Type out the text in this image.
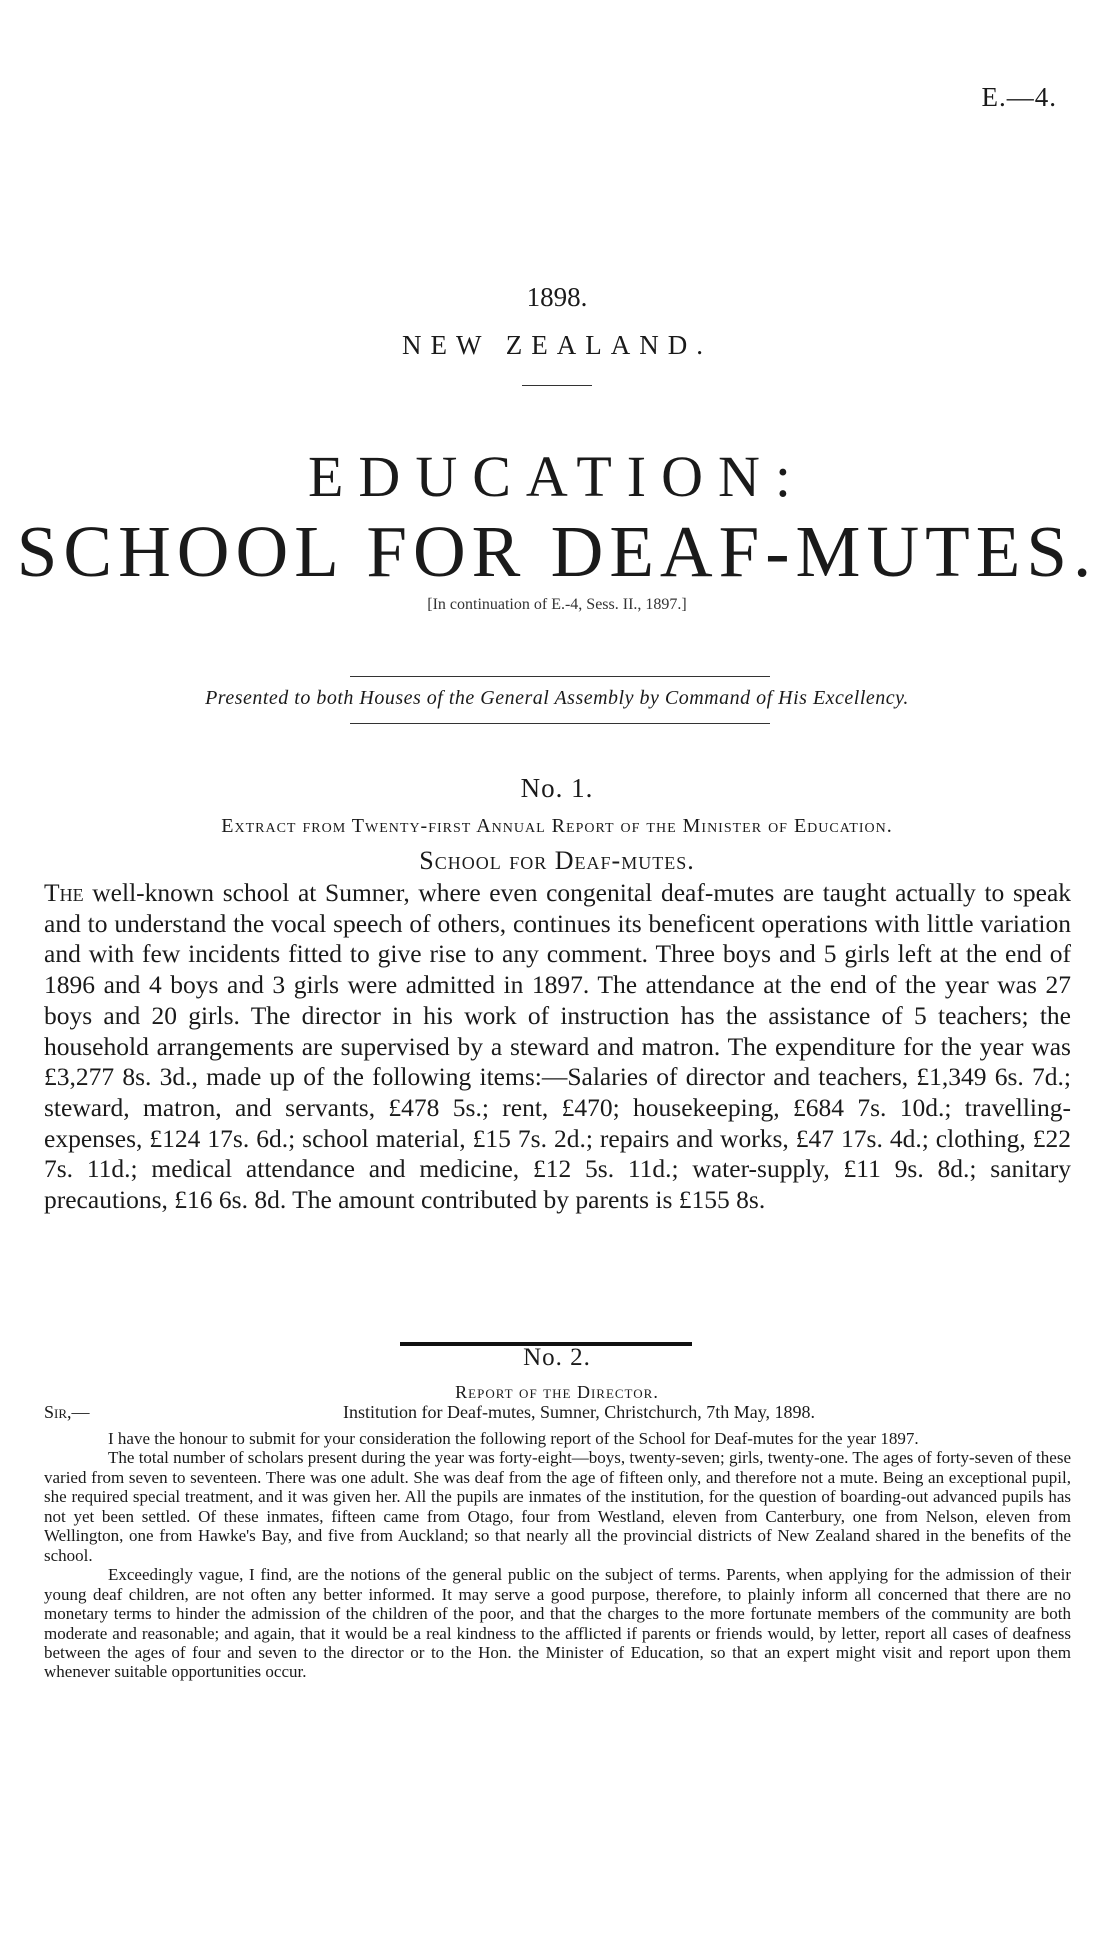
E.—4.
1898.
NEW ZEALAND.
EDUCATION:
SCHOOL FOR DEAF-MUTES.
[In continuation of E.-4, Sess. II., 1897.]
Presented to both Houses of the General Assembly by Command of His Excellency.
No. 1.
Extract from Twenty-first Annual Report of the Minister of Education.
School for Deaf-mutes.

The well-known school at Sumner, where even congenital deaf-mutes are taught actually to speak and to understand the vocal speech of others, continues its beneficent operations with little variation and with few incidents fitted to give rise to any comment. Three boys and 5 girls left at the end of 1896 and 4 boys and 3 girls were admitted in 1897. The attendance at the end of the year was 27 boys and 20 girls. The director in his work of instruction has the assistance of 5 teachers; the household arrangements are supervised by a steward and matron. The expenditure for the year was £3,277 8s. 3d., made up of the following items:—Salaries of director and teachers, £1,349 6s. 7d.; steward, matron, and servants, £478 5s.; rent, £470; housekeeping, £684 7s. 10d.; travelling-expenses, £124 17s. 6d.; school material, £15 7s. 2d.; repairs and works, £47 17s. 4d.; clothing, £22 7s. 11d.; medical attendance and medicine, £12 5s. 11d.; water-supply, £11 9s. 8d.; sanitary precautions, £16 6s. 8d. The amount contributed by parents is £155 8s.

No. 2.
Report of the Director.
Sir,—	Institution for Deaf-mutes, Sumner, Christchurch, 7th May, 1898.

I have the honour to submit for your consideration the following report of the School for Deaf-mutes for the year 1897.

The total number of scholars present during the year was forty-eight—boys, twenty-seven; girls, twenty-one. The ages of forty-seven of these varied from seven to seventeen. There was one adult. She was deaf from the age of fifteen only, and therefore not a mute. Being an exceptional pupil, she required special treatment, and it was given her. All the pupils are inmates of the institution, for the question of boarding-out advanced pupils has not yet been settled. Of these inmates, fifteen came from Otago, four from Westland, eleven from Canterbury, one from Nelson, eleven from Wellington, one from Hawke's Bay, and five from Auckland; so that nearly all the provincial districts of New Zealand shared in the benefits of the school.

Exceedingly vague, I find, are the notions of the general public on the subject of terms. Parents, when applying for the admission of their young deaf children, are not often any better informed. It may serve a good purpose, therefore, to plainly inform all concerned that there are no monetary terms to hinder the admission of the children of the poor, and that the charges to the more fortunate members of the community are both moderate and reasonable; and again, that it would be a real kindness to the afflicted if parents or friends would, by letter, report all cases of deafness between the ages of four and seven to the director or to the Hon. the Minister of Education, so that an expert might visit and report upon them whenever suitable opportunities occur.
